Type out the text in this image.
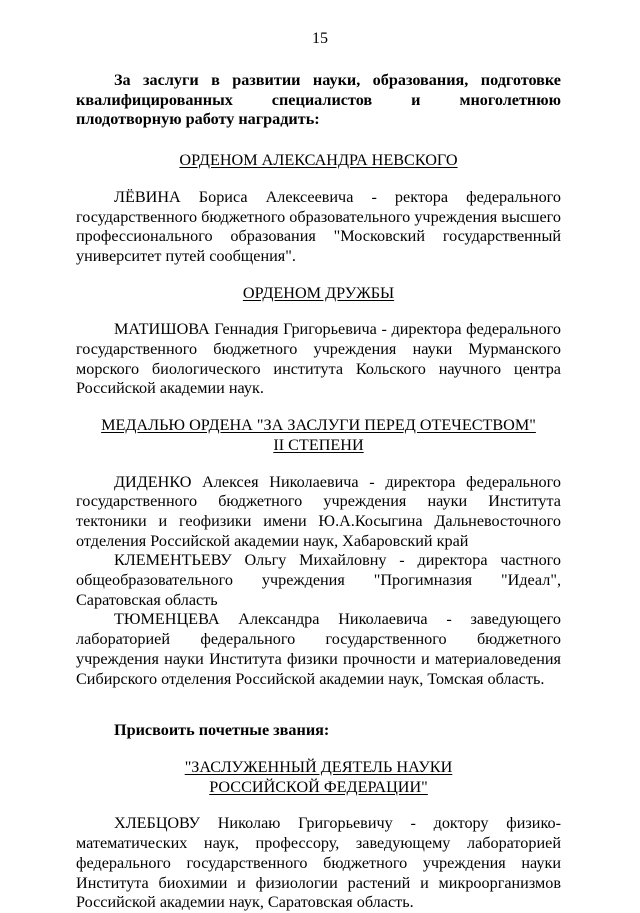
15

За заслуги в развитии науки, образования, подготовке квалифицированных специалистов и многолетнюю плодотворную работу наградить:

ОРДЕНОМ АЛЕКСАНДРА НЕВСКОГО

ЛЁВИНА Бориса Алексеевича - ректора федерального государственного бюджетного образовательного учреждения высшего профессионального образования "Московский государственный университет путей сообщения".

ОРДЕНОМ ДРУЖБЫ

МАТИШОВА Геннадия Григорьевича - директора федерального государственного бюджетного учреждения науки Мурманского морского биологического института Кольского научного центра Российской академии наук.

МЕДАЛЬЮ ОРДЕНА "ЗА ЗАСЛУГИ ПЕРЕД ОТЕЧЕСТВОМ"

II СТЕПЕНИ

ДИДЕНКО Алексея Николаевича - директора федерального государственного бюджетного учреждения науки Института тектоники и геофизики имени Ю.А.Косыгина Дальневосточного отделения Российской академии наук, Хабаровский край

КЛЕМЕНТЬЕВУ Ольгу Михайловну - директора частного общеобразовательного учреждения "Прогимназия "Идеал", Саратовская область

ТЮМЕНЦЕВА Александра Николаевича - заведующего лабораторией федерального государственного бюджетного учреждения науки Института физики прочности и материаловедения Сибирского отделения Российской академии наук, Томская область.

Присвоить почетные звания:

"ЗАСЛУЖЕННЫЙ ДЕЯТЕЛЬ НАУКИ

РОССИЙСКОЙ ФЕДЕРАЦИИ"

ХЛЕБЦОВУ Николаю Григорьевичу - доктору физико-математических наук, профессору, заведующему лабораторией федерального государственного бюджетного учреждения науки Института биохимии и физиологии растений и микроорганизмов Российской академии наук, Саратовская область.
